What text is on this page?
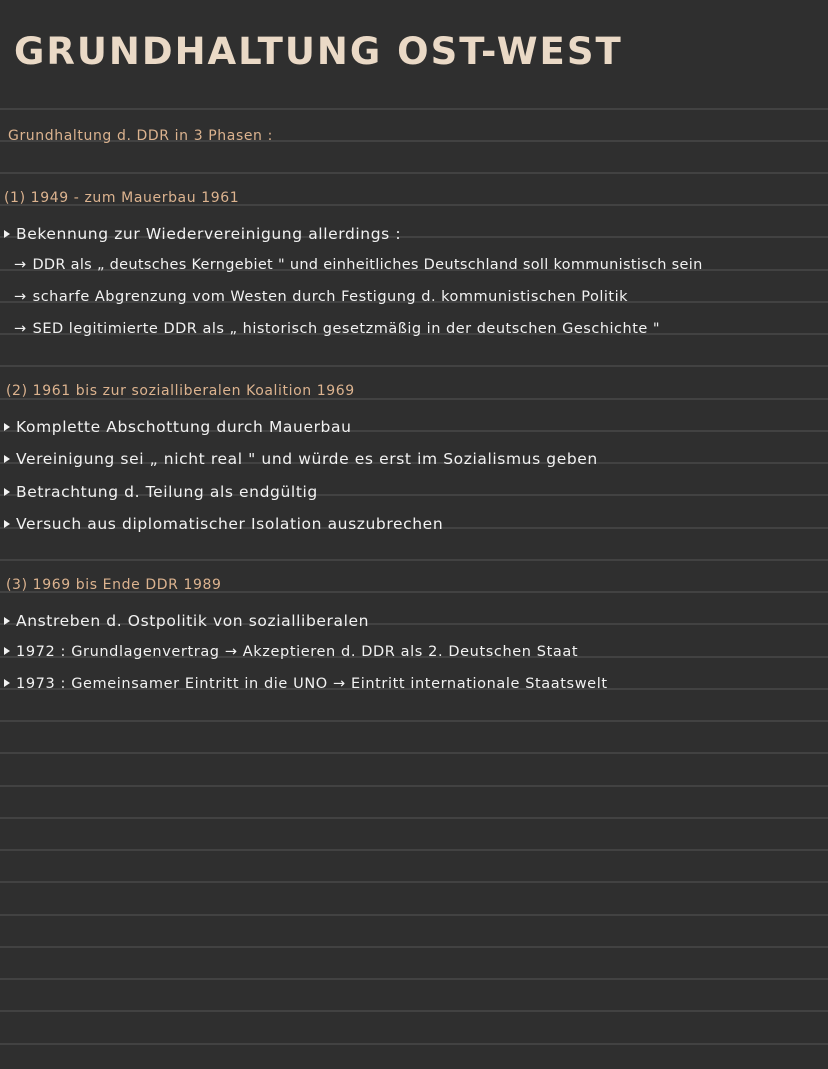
GRUNDHALTUNG OST-WEST
Grundhaltung d. DDR in 3 Phasen :
(1) 1949 - zum Mauerbau 1961
Bekennung zur Wiedervereinigung allerdings :
→ DDR als „ deutsches Kerngebiet " und einheitliches Deutschland soll kommunistisch sein
→ scharfe Abgrenzung vom Westen durch Festigung d. kommunistischen Politik
→ SED legitimierte DDR als „ historisch gesetzmäßig in der deutschen Geschichte "
(2) 1961 bis zur sozialliberalen Koalition 1969
Komplette Abschottung durch Mauerbau
Vereinigung sei „ nicht real " und würde es erst im Sozialismus geben
Betrachtung d. Teilung als endgültig
Versuch aus diplomatischer Isolation auszubrechen
(3) 1969 bis Ende DDR 1989
Anstreben d. Ostpolitik von sozialliberalen
1972 : Grundlagenvertrag → Akzeptieren d. DDR als 2. Deutschen Staat
1973 : Gemeinsamer Eintritt in die UNO → Eintritt internationale Staatswelt
